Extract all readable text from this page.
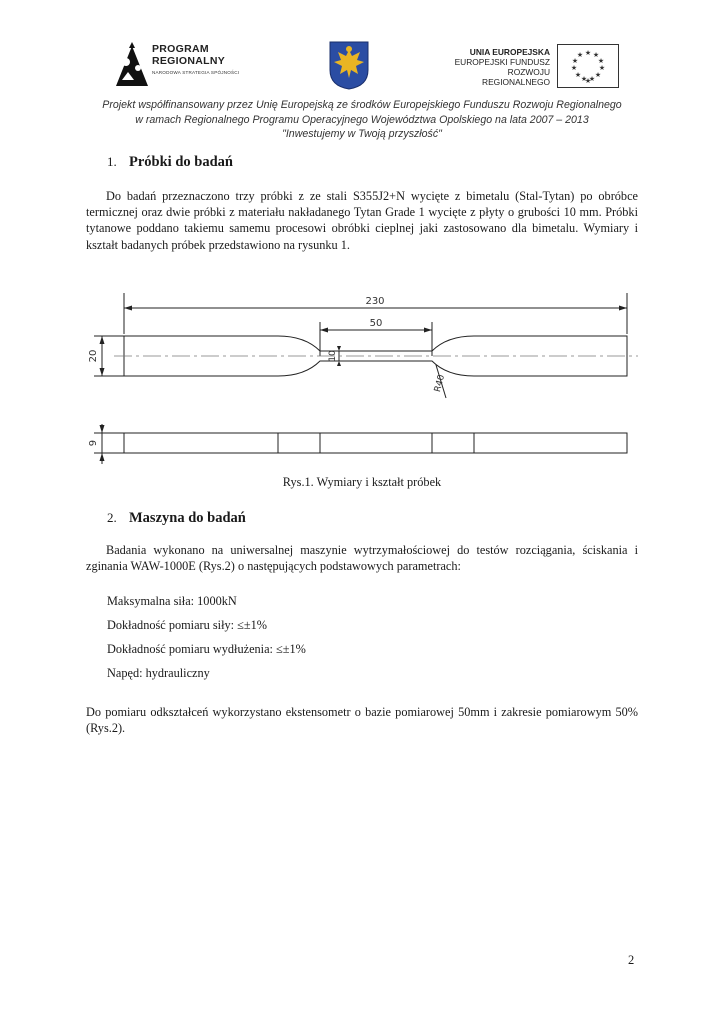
PROGRAM
REGIONALNY
NARODOWA STRATEGIA SPÓJNOŚCI
UNIA EUROPEJSKA
EUROPEJSKI FUNDUSZ
ROZWOJU REGIONALNEGO
★ ★
★
★
★
★
★
★
★
★
★
★
Projekt współfinansowany przez Unię Europejską ze środków Europejskiego Funduszu Rozwoju Regionalnego
w ramach Regionalnego Programu Operacyjnego Województwa Opolskiego na lata 2007 – 2013
"Inwestujemy w Twoją przyszłość"
1. Próbki do badań
Do badań przeznaczono trzy próbki z ze stali S355J2+N wycięte z bimetalu (Stal-Tytan) po obróbce termicznej oraz dwie próbki z materiału nakładanego Tytan Grade 1 wycięte z płyty o grubości 10 mm. Próbki tytanowe poddano takiemu samemu procesowi obróbki cieplnej jaki zastosowano dla bimetalu. Wymiary i kształt badanych próbek przedstawiono na rysunku 1.
230
50
20	10
R40
9
Rys.1. Wymiary i kształt próbek
2. Maszyna do badań
Badania wykonano na uniwersalnej maszynie wytrzymałościowej do testów rozciągania, ściskania i zginania WAW-1000E (Rys.2) o następujących podstawowych parametrach:
Maksymalna siła: 1000kN
Dokładność pomiaru siły: ≤±1%
Dokładność pomiaru wydłużenia: ≤±1%
Napęd: hydrauliczny
Do pomiaru odkształceń wykorzystano ekstensometr o bazie pomiarowej 50mm i zakresie pomiarowym 50% (Rys.2).
2
